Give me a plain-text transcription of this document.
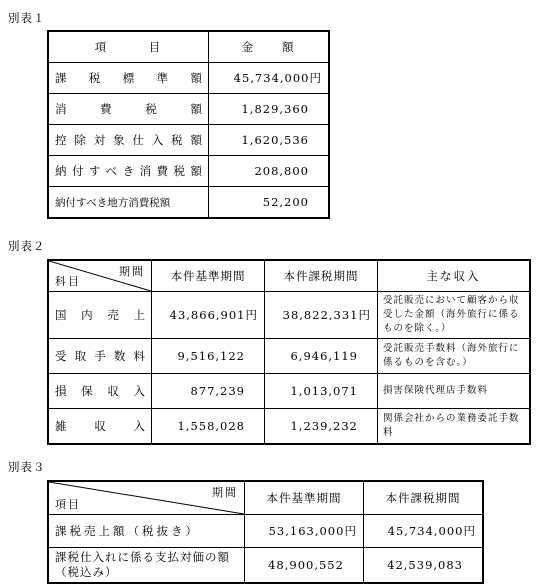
別表１
項　　　目	金　　額
課税標準額	45,734,000円
消費税額	1,829,360
控除対象仕入税額	1,620,536
納付すべき消費税額	208,800
納付すべき地方消費税額	52,200
別表２
期間
科目	本件基準期間	本件課税期間	主な収入
国内売上	43,866,901円	38,822,331円	受託販売において顧客から収受した金額（海外旅行に係るものを除く。）
受取手数料	9,516,122	6,946,119	受託販売手数料（海外旅行に係るものを含む。）
損保収入	877,239	1,013,071	損害保険代理店手数料
雑収入	1,558,028	1,239,232	関係会社からの業務委託手数料
別表３
期間
項目	本件基準期間	本件課税期間
課税売上額（税抜き）	53,163,000円	45,734,000円
課税仕入れに係る支払対価の額（税込み）	48,900,552	42,539,083
